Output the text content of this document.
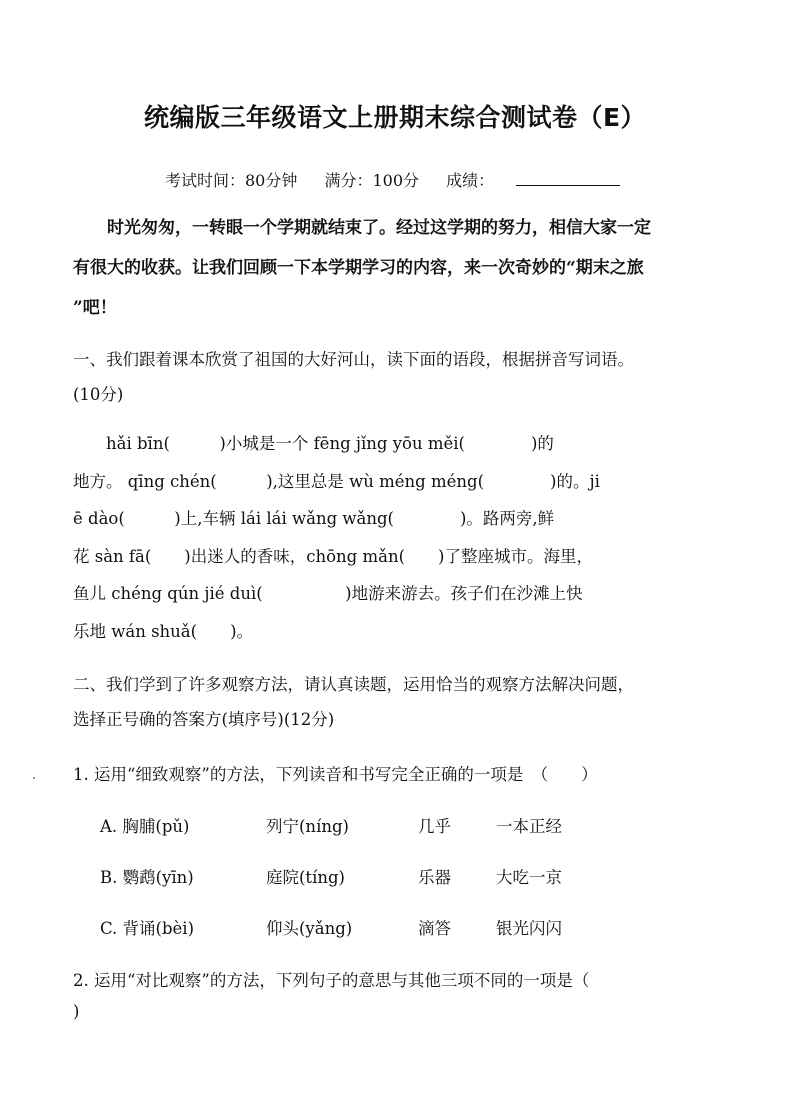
统编版三年级语文上册期末综合测试卷（E）
考试时间：80分钟 满分：100分 成绩：
时光匆匆，一转眼一个学期就结束了。经过这学期的努力，相信大家一定
有很大的收获。让我们回顾一下本学期学习的内容，来一次奇妙的“期末之旅
”吧！
一、我们跟着课本欣赏了祖国的大好河山，读下面的语段，根据拼音写词语。
(10分)
hǎi bīn(　　　)小城是一个 fēng jǐng yōu měi(　　　　)的
地方。 qīng chén(　　　),这里总是 wù méng méng(　　　　)的。ji
ē dào(　　　)上,车辆 lái lái wǎng wǎng(　　　　)。路两旁,鲜
花 sàn fā(　　)出迷人的香味，chōng mǎn(　　)了整座城市。海里，
鱼儿 chéng qún jié duì(　　　　　)地游来游去。孩子们在沙滩上快
乐地 wán shuǎ(　　)。
二、我们学到了许多观察方法，请认真读题，运用恰当的观察方法解决问题，
选择正号确的答案方(填序号)(12分)
1. 运用“细致观察”的方法，下列读音和书写完全正确的一项是　（　　）
A. 胸脯(pǔ)	列宁(níng)	几乎	一本正经
B. 鹦鹉(yīn)	庭院(tíng)	乐器	大吃一京
C. 背诵(bèi)	仰头(yǎng)	滴答	银光闪闪
2. 运用“对比观察”的方法，下列句子的意思与其他三项不同的一项是（
)
